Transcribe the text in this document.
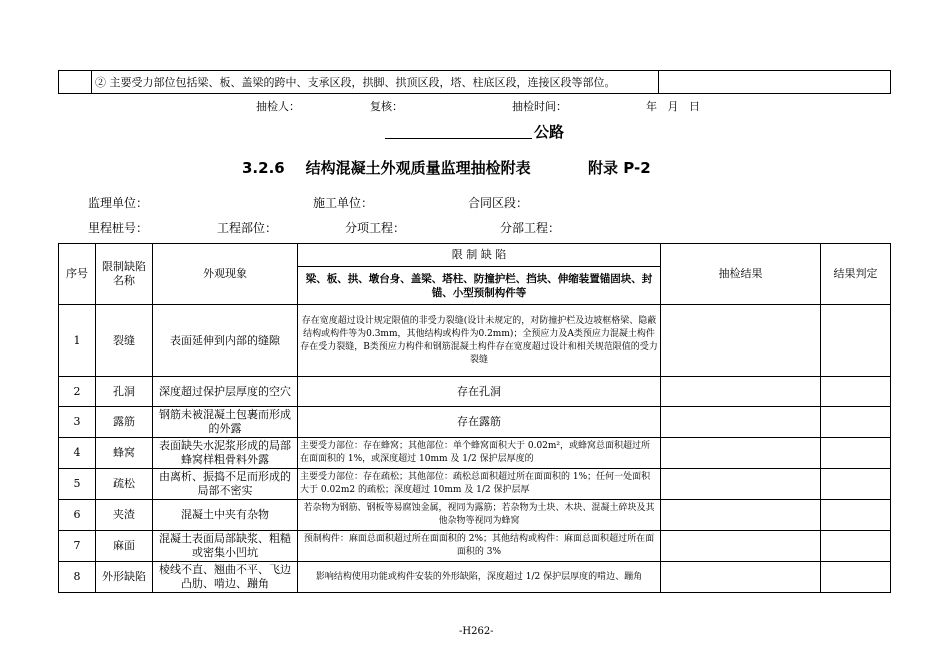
	② 主要受力部位包括梁、板、盖梁的跨中、支承区段，拱脚、拱顶区段，塔、柱底区段，连接区段等部位。	
抽检人：	复核：	抽检时间：	年   月   日
公路
3.2.6    结构混凝土外观质量监理抽检附表           附录 P-2
监理单位：	施工单位：	合同区段：
里程桩号：	工程部位：	分项工程：	分部工程：
序号	限制缺陷名称	外观现象	限 制 缺 陷	抽检结果	结果判定
			梁、板、拱、墩台身、盖梁、塔柱、防撞护栏、挡块、伸缩装置锚固块、封锚、小型预制构件等		
1	裂缝	表面延伸到内部的缝隙	存在宽度超过设计规定限值的非受力裂缝(设计未规定的，对防撞护栏及边坡框格梁、隐蔽结构或构件等为0.3mm，其他结构或构件为0.2mm)；全预应力及A类预应力混凝土构件存在受力裂缝，B类预应力构件和钢筋混凝土构件存在宽度超过设计和相关规范限值的受力裂缝		
2	孔洞	深度超过保护层厚度的空穴	存在孔洞		
3	露筋	钢筋未被混凝土包裹而形成的外露	存在露筋		
4	蜂窝	表面缺失水泥浆形成的局部蜂窝样粗骨料外露	主要受力部位：存在蜂窝；其他部位：单个蜂窝面积大于 0.02m²，或蜂窝总面积超过所在面面积的 1%，或深度超过 10mm 及 1/2 保护层厚度的		
5	疏松	由离析、振捣不足而形成的局部不密实	主要受力部位：存在疏松；其他部位：疏松总面积超过所在面面积的 1%；任何一处面积大于 0.02m2 的疏松；深度超过 10mm 及 1/2 保护层厚		
6	夹渣	混凝土中夹有杂物	若杂物为钢筋、钢板等易腐蚀金属，视同为露筋；若杂物为土块、木块、混凝土碎块及其他杂物等视同为蜂窝		
7	麻面	混凝土表面局部缺浆、粗糙或密集小凹坑	预制构件：麻面总面积超过所在面面积的 2%；其他结构或构件：麻面总面积超过所在面面积的 3%		
8	外形缺陷	棱线不直、翘曲不平、飞边凸肋、啃边、蹦角	影响结构使用功能或构件安装的外形缺陷，深度超过 1/2 保护层厚度的啃边、蹦角		
-H262-
